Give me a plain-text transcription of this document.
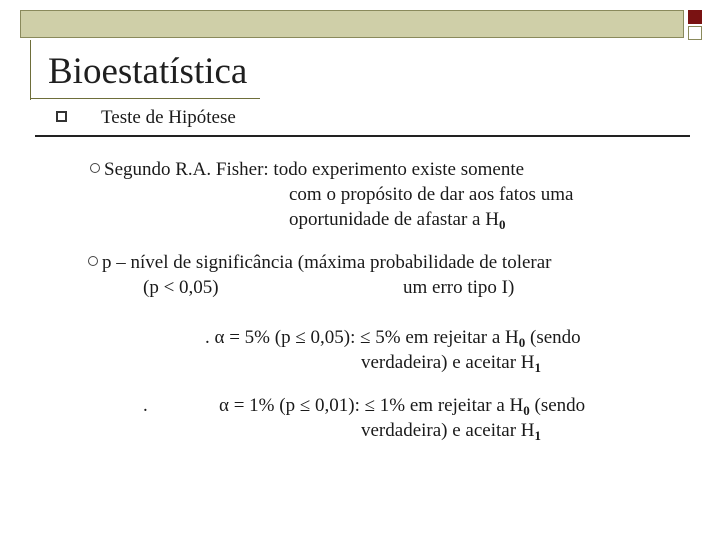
Bioestatística
Teste de Hipótese
Segundo R.A. Fisher: todo experimento existe somente
com o propósito de dar aos fatos uma
oportunidade de afastar a $H_0$
p – nível de significância (máxima probabilidade de tolerar
(p < 0,05)	um erro tipo I)
. α = 5% (p ≤ 0,05): ≤ 5% em rejeitar a $H_0$ (sendo
verdadeira) e aceitar $H_1$
.	α = 1% (p ≤ 0,01): ≤ 1% em rejeitar a $H_0$ (sendo
verdadeira) e aceitar $H_1$
